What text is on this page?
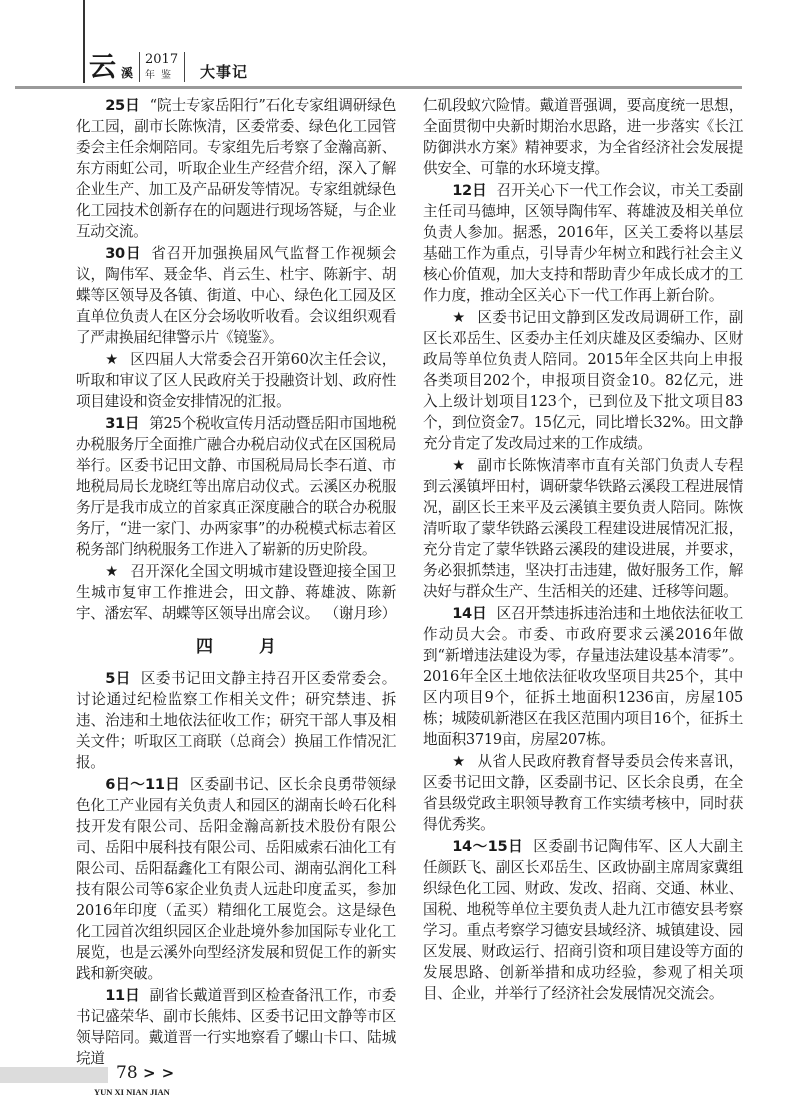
云 溪
2017
年鉴 大事记

25日 “院士专家岳阳行”石化专家组调研绿色化工园，副市长陈恢清，区委常委、绿色化工园管委会主任余炯陪同。专家组先后考察了金瀚高新、东方雨虹公司，听取企业生产经营介绍，深入了解企业生产、加工及产品研发等情况。专家组就绿色化工园技术创新存在的问题进行现场答疑，与企业互动交流。

30日 省召开加强换届风气监督工作视频会议，陶伟军、聂金华、肖云生、杜宇、陈新宇、胡蝶等区领导及各镇、街道、中心、绿色化工园及区直单位负责人在区分会场收听收看。会议组织观看了严肃换届纪律警示片《镜鉴》。

★ 区四届人大常委会召开第60次主任会议，听取和审议了区人民政府关于投融资计划、政府性项目建设和资金安排情况的汇报。

31日 第25个税收宣传月活动暨岳阳市国地税办税服务厅全面推广融合办税启动仪式在区国税局举行。区委书记田文静、市国税局局长李石道、市地税局局长龙晓红等出席启动仪式。云溪区办税服务厅是我市成立的首家真正深度融合的联合办税服务厅，“进一家门、办两家事”的办税模式标志着区税务部门纳税服务工作进入了崭新的历史阶段。

★ 召开深化全国文明城市建设暨迎接全国卫生城市复审工作推进会，田文静、蒋雄波、陈新宇、潘宏军、胡蝶等区领导出席会议。 （谢月珍）

四 月

5日 区委书记田文静主持召开区委常委会。讨论通过纪检监察工作相关文件；研究禁违、拆违、治违和土地依法征收工作；研究干部人事及相关文件；听取区工商联（总商会）换届工作情况汇报。

6日～11日 区委副书记、区长余良勇带领绿色化工产业园有关负责人和园区的湖南长岭石化科技开发有限公司、岳阳金瀚高新技术股份有限公司、岳阳中展科技有限公司、岳阳威索石油化工有限公司、岳阳磊鑫化工有限公司、湖南弘润化工科技有限公司等6家企业负责人远赴印度孟买，参加2016年印度（孟买）精细化工展览会。这是绿色化工园首次组织园区企业赴境外参加国际专业化工展览，也是云溪外向型经济发展和贸促工作的新实践和新突破。

11日 副省长戴道晋到区检查备汛工作，市委书记盛荣华、副市长熊炜、区委书记田文静等市区领导陪同。戴道晋一行实地察看了螺山卡口、陆城垸道

仁矶段蚁穴险情。戴道晋强调，要高度统一思想，全面贯彻中央新时期治水思路，进一步落实《长江防御洪水方案》精神要求，为全省经济社会发展提供安全、可靠的水环境支撑。

12日 召开关心下一代工作会议，市关工委副主任司马德坤，区领导陶伟军、蒋雄波及相关单位负责人参加。据悉，2016年，区关工委将以基层基础工作为重点，引导青少年树立和践行社会主义核心价值观，加大支持和帮助青少年成长成才的工作力度，推动全区关心下一代工作再上新台阶。

★ 区委书记田文静到区发改局调研工作，副区长邓岳生、区委办主任刘庆雄及区委编办、区财政局等单位负责人陪同。2015年全区共向上申报各类项目202个，申报项目资金10。82亿元，进入上级计划项目123个，已到位及下批文项目83个，到位资金7。15亿元，同比增长32%。田文静充分肯定了发改局过来的工作成绩。

★ 副市长陈恢清率市直有关部门负责人专程到云溪镇坪田村，调研蒙华铁路云溪段工程进展情况，副区长王来平及云溪镇主要负责人陪同。陈恢清听取了蒙华铁路云溪段工程建设进展情况汇报，充分肯定了蒙华铁路云溪段的建设进展，并要求，务必狠抓禁违，坚决打击违建，做好服务工作，解决好与群众生产、生活相关的还建、迁移等问题。

14日 区召开禁违拆违治违和土地依法征收工作动员大会。市委、市政府要求云溪2016年做到“新增违法建设为零，存量违法建设基本清零”。2016年全区土地依法征收攻坚项目共25个，其中区内项目9个，征拆土地面积1236亩，房屋105栋；城陵矶新港区在我区范围内项目16个，征拆土地面积3719亩，房屋207栋。

★ 从省人民政府教育督导委员会传来喜讯，区委书记田文静，区委副书记、区长余良勇，在全省县级党政主职领导教育工作实绩考核中，同时获得优秀奖。

14～15日 区委副书记陶伟军、区人大副主任颜跃飞、副区长邓岳生、区政协副主席周家冀组织绿色化工园、财政、发改、招商、交通、林业、国税、地税等单位主要负责人赴九江市德安县考察学习。重点考察学习德安县域经济、城镇建设、园区发展、财政运行、招商引资和项目建设等方面的发展思路、创新举措和成功经验，参观了相关项目、企业，并举行了经济社会发展情况交流会。

78 >>
YUN XI NIAN JIAN
